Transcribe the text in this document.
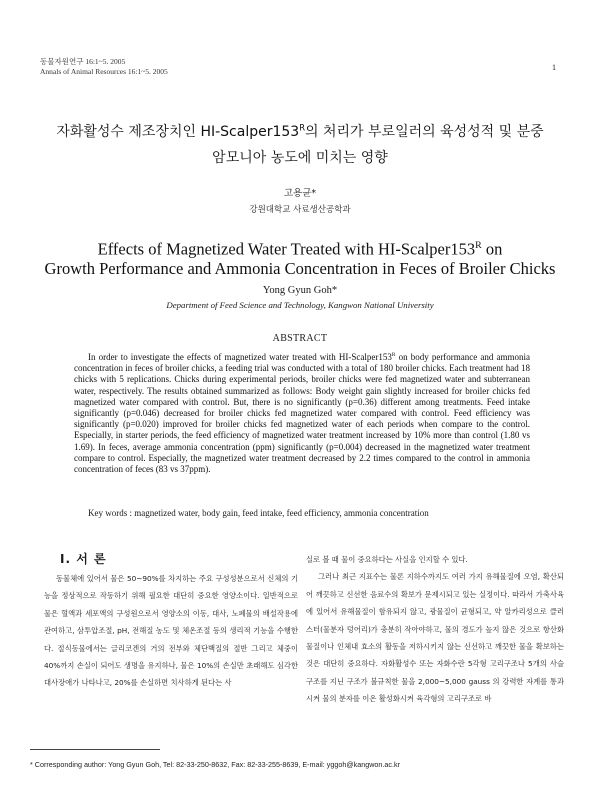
동물자원연구 16:1~5. 2005
Annals of Animal Resources 16:1~5. 2005	1
자화활성수 제조장치인 $HI-Scalper153^R$의 처리가 부로일러의 육성성적 및 분중
암모니아 농도에 미치는 영향
고용균*
강원대학교 사료생산공학과
Effects of Magnetized Water Treated with $HI-Scalper153^R$ on
Growth Performance and Ammonia Concentration in Feces of Broiler Chicks
Yong Gyun Goh*
Department of Feed Science and Technology, Kangwon National University
ABSTRACT
In order to investigate the effects of magnetized water treated with $HI-Scalper153^R$ on body performance and ammonia concentration in feces of broiler chicks, a feeding trial was conducted with a total of 180 broiler chicks. Each treatment had 18 chicks with 5 replications. Chicks during experimental periods, broiler chicks were fed magnetized water and subterranean water, respectively. The results obtained summarized as follows: Body weight gain slightly increased for broiler chicks fed magnetized water compared with control. But, there is no significantly (p=0.36) different among treatments. Feed intake significantly (p=0.046) decreased for broiler chicks fed magnetized water compared with control. Feed efficiency was significantly (p=0.020) improved for broiler chicks fed magnetized water of each periods when compare to the control. Especially, in starter periods, the feed efficiency of magnetized water treatment increased by 10% more than control (1.80 vs 1.69). In feces, average ammonia concentration (ppm) significantly (p=0.004) decreased in the magnetized water treatment compare to control. Especially, the magnetized water treatment decreased by 2.2 times compared to the control in ammonia concentration of feces (83 vs 37ppm).
Key words : magnetized water, body gain, feed intake, feed efficiency, ammonia concentration
Ⅰ. 서 론

동물체에 있어서 물은 50~90%를 차지하는 주요 구성성분으로서 신체의 기능을 정상적으로 작동하기 위해 필요한 대단히 중요한 영양소이다. 일반적으로 물은 혈액과 세포액의 구성원으로서 영양소의 이동, 대사, 노폐물의 배설작용에 관여하고, 삼투압조절, pH, 전해질 농도 및 체온조절 등의 생리적 기능을 수행한다. 절식동물에서는 글리코겐의 거의 전부와 체단백질의 절반 그리고 체중이 40%까지 손실이 되어도 생명을 유지하나, 물은 10%의 손실만 초래해도 심각한 대사장애가 나타나고, 20%를 손실하면 치사하게 된다는 사

실로 볼 때 물이 중요하다는 사실을 인지할 수 있다.

그러나 최근 지표수는 물론 지하수까지도 여러 가지 유해물질에 오염, 확산되어 깨끗하고 신선한 음료수의 확보가 문제시되고 있는 실정이다. 따라서 가축사육에 있어서 유해물질이 함유되지 않고, 광물질이 균형되고, 약 알카리성으로 클러스터(물분자 덩어리)가 충분히 작아야하고, 물의 경도가 높지 않은 것으로 항산화물질이나 인체내 효소의 활동을 저하시키지 않는 신선하고 깨끗한 물을 확보하는 것은 대단히 중요하다. 자화활성수 또는 자화수란 5각형 고리구조나 5개의 사슬구조를 지닌 구조가 불규칙한 물을 2,000~5,000 gauss 의 강력한 자계를 통과시켜 물의 분자를 이온 활성화시켜 육각형의 고리구조로 바

* Corresponding author: Yong Gyun Goh, Tel: 82-33-250-8632, Fax: 82-33-255-8639, E-mail: yggoh@kangwon.ac.kr
